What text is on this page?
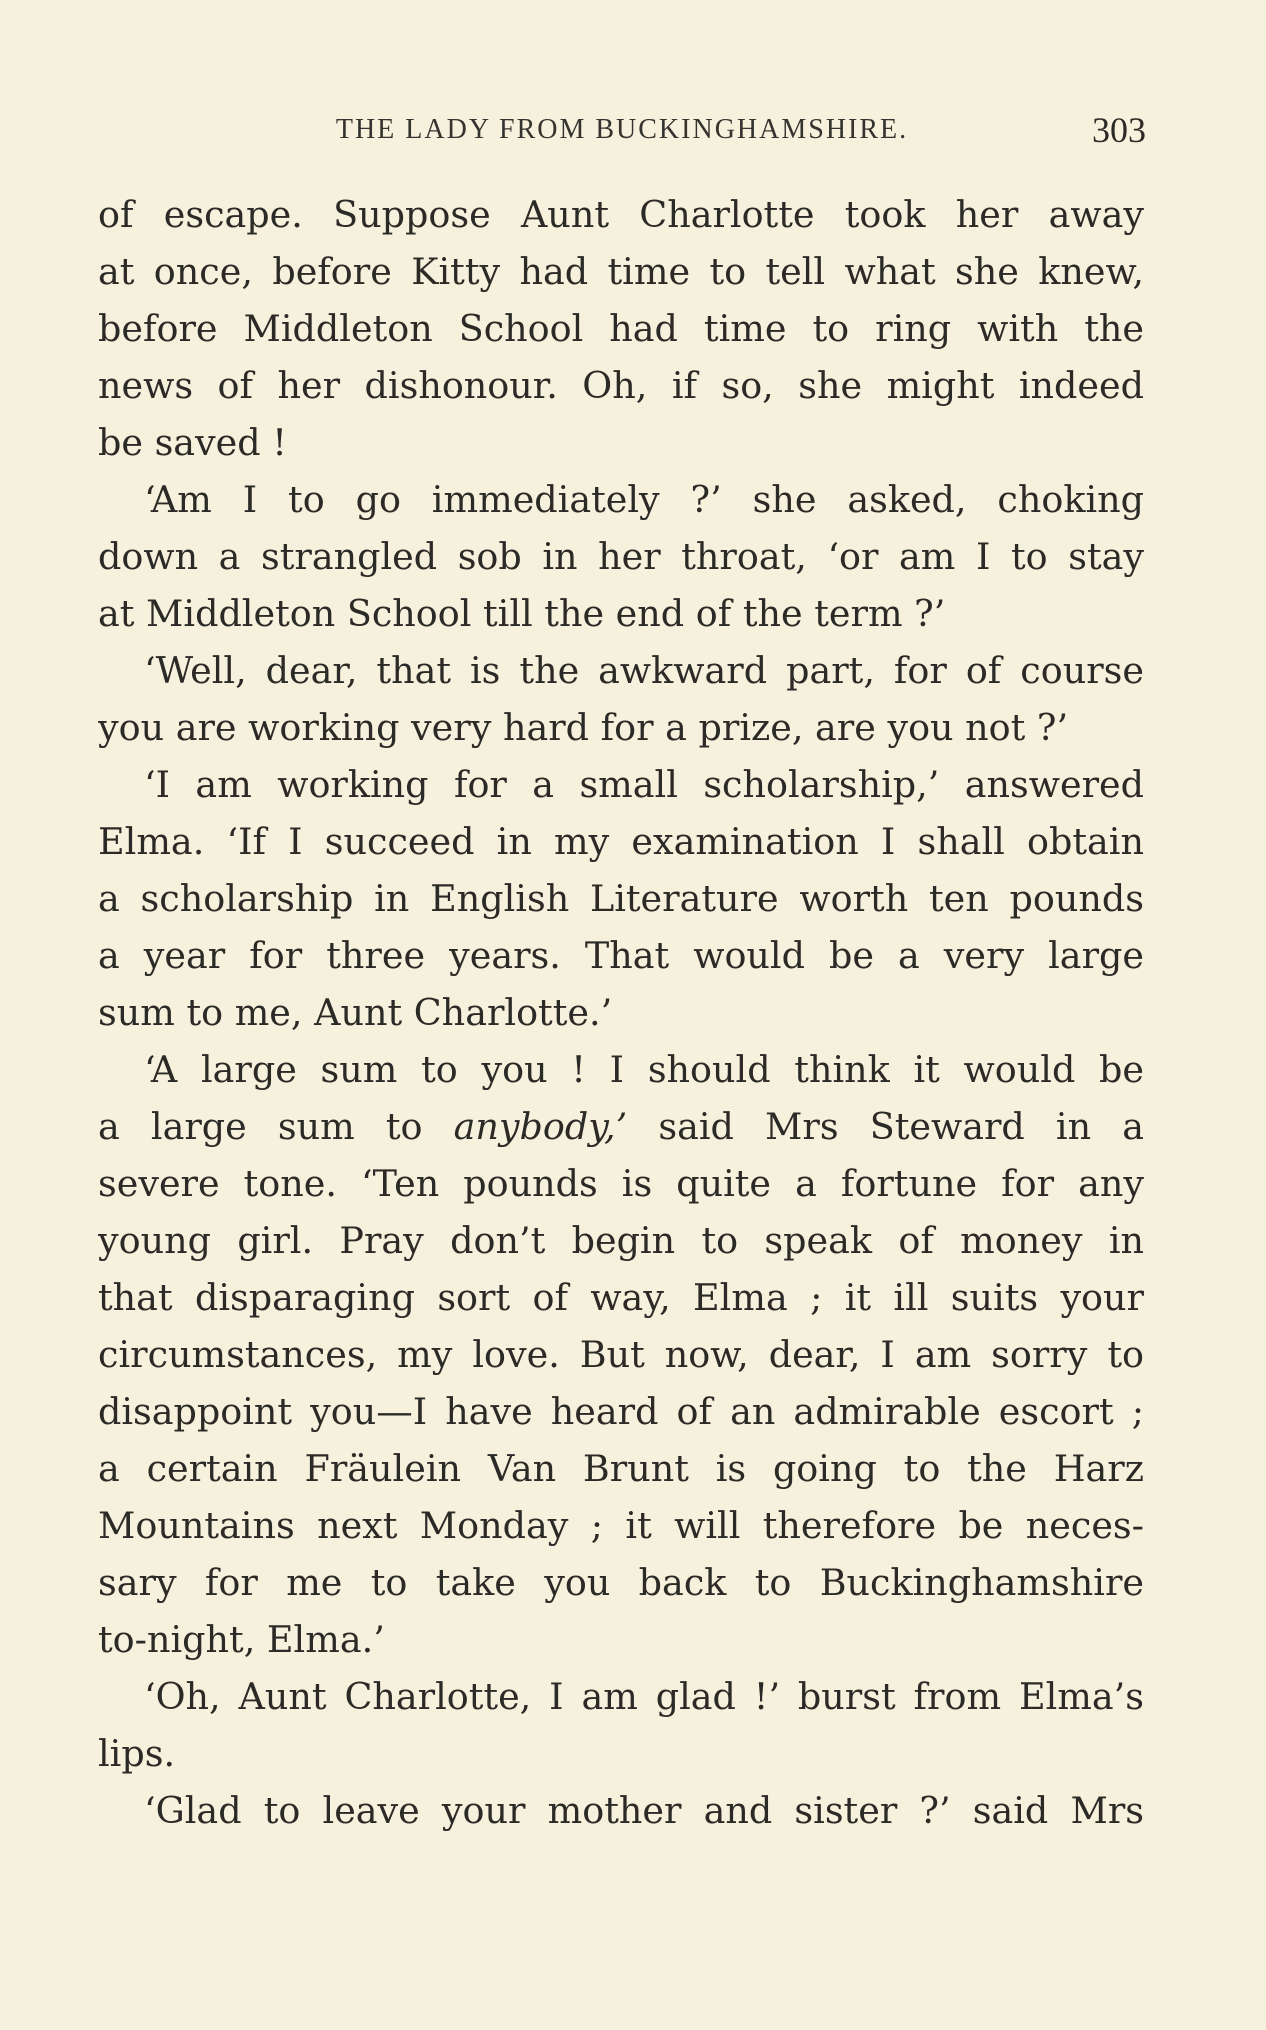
THE LADY FROM BUCKINGHAMSHIRE.	303
of escape. Suppose Aunt Charlotte took her away
at once, before Kitty had time to tell what she knew,
before Middleton School had time to ring with the
news of her dishonour. Oh, if so, she might indeed
be saved !
‘Am I to go immediately ?’ she asked, choking
down a strangled sob in her throat, ‘or am I to stay
at Middleton School till the end of the term ?’
‘Well, dear, that is the awkward part, for of course
you are working very hard for a prize, are you not ?’
‘I am working for a small scholarship,’ answered
Elma. ‘If I succeed in my examination I shall obtain
a scholarship in English Literature worth ten pounds
a year for three years. That would be a very large
sum to me, Aunt Charlotte.’
‘A large sum to you ! I should think it would be
a large sum to anybody,’ said Mrs Steward in a
severe tone. ‘Ten pounds is quite a fortune for any
young girl. Pray don’t begin to speak of money in
that disparaging sort of way, Elma ; it ill suits your
circumstances, my love. But now, dear, I am sorry to
disappoint you—I have heard of an admirable escort ;
a certain Fräulein Van Brunt is going to the Harz
Mountains next Monday ; it will therefore be neces-
sary for me to take you back to Buckinghamshire
to-night, Elma.’
‘Oh, Aunt Charlotte, I am glad !’ burst from Elma’s
lips.
‘Glad to leave your mother and sister ?’ said Mrs
